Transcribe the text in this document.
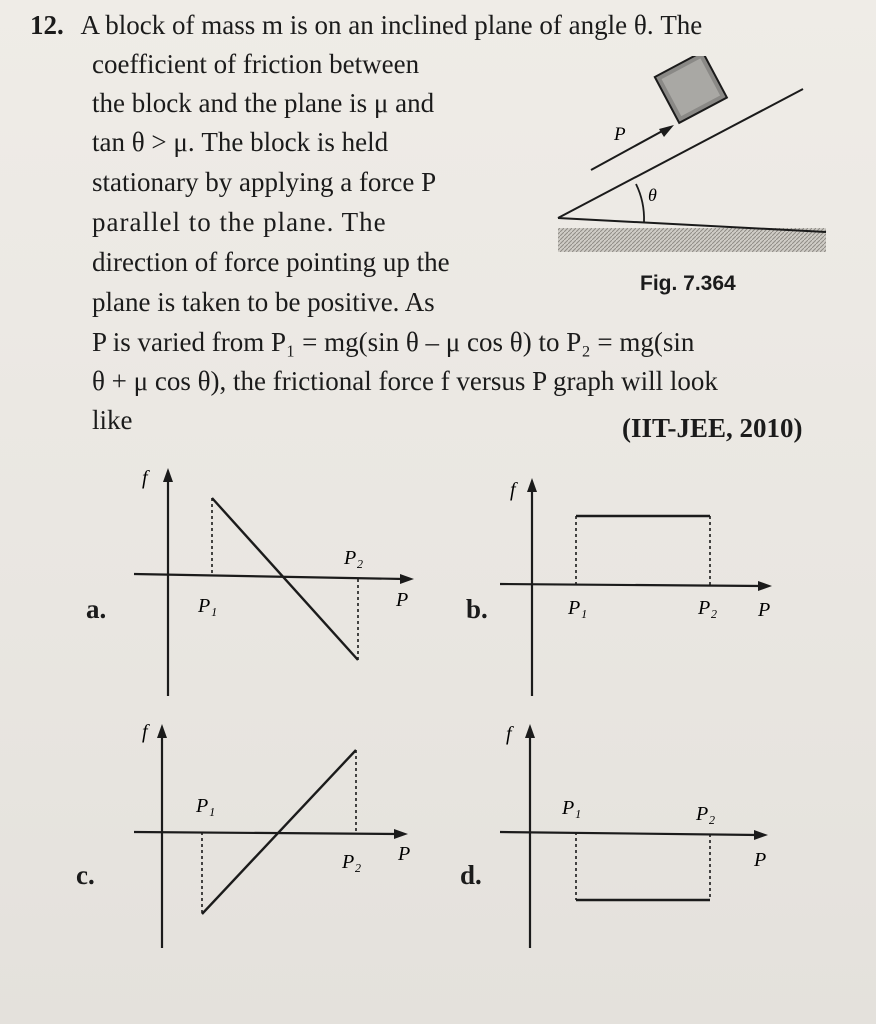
12. A block of mass m is on an inclined plane of angle θ. The
coefficient of friction between
the block and the plane is μ and
tan θ > μ. The block is held
stationary by applying a force P
parallel to the plane. The
direction of force pointing up the
plane is taken to be positive. As
P is varied from P₁ = mg(sin θ – μ cos θ) to P₂ = mg(sin
θ + μ cos θ), the frictional force f versus P graph will look
like	(IIT-JEE, 2010)
P
θ
Fig. 7.364
a.
f
P
P₁
P₂
b.
f
P
P₁	P₂
c.
f
P
P₁
P₂	d.
f
P
P₁	P₂
